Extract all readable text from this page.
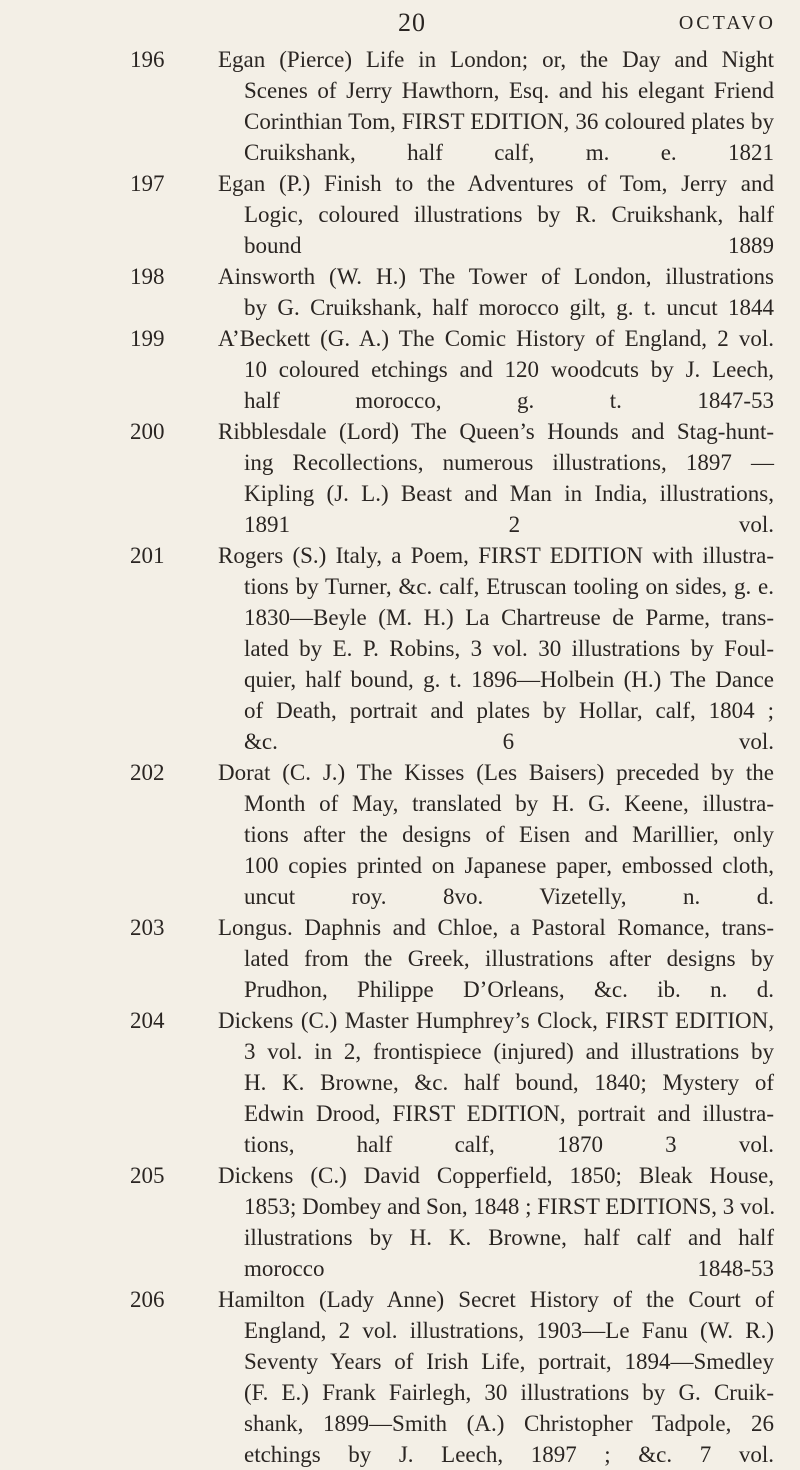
20	OCTAVO
196 Egan (Pierce) Life in London; or, the Day and Night
Scenes of Jerry Hawthorn, Esq. and his elegant Friend
Corinthian Tom, FIRST EDITION, 36 coloured plates by
Cruikshank, half calf, m. e. 1821
197 Egan (P.) Finish to the Adventures of Tom, Jerry and
Logic, coloured illustrations by R. Cruikshank, half
bound 1889
198 Ainsworth (W. H.) The Tower of London, illustrations
by G. Cruikshank, half morocco gilt, g. t. uncut 1844
199 A’Beckett (G. A.) The Comic History of England, 2 vol.
10 coloured etchings and 120 woodcuts by J. Leech,
half morocco, g. t. 1847-53
200 Ribblesdale (Lord) The Queen’s Hounds and Stag-hunt-
ing Recollections, numerous illustrations, 1897 —
Kipling (J. L.) Beast and Man in India, illustrations,
1891 2 vol.
201 Rogers (S.) Italy, a Poem, FIRST EDITION with illustra-
tions by Turner, &c. calf, Etruscan tooling on sides, g. e.
1830—Beyle (M. H.) La Chartreuse de Parme, trans-
lated by E. P. Robins, 3 vol. 30 illustrations by Foul-
quier, half bound, g. t. 1896—Holbein (H.) The Dance
of Death, portrait and plates by Hollar, calf, 1804 ;
&c. 6 vol.
202 Dorat (C. J.) The Kisses (Les Baisers) preceded by the
Month of May, translated by H. G. Keene, illustra-
tions after the designs of Eisen and Marillier, only
100 copies printed on Japanese paper, embossed cloth,
uncut roy. 8vo. Vizetelly, n. d.
203 Longus. Daphnis and Chloe, a Pastoral Romance, trans-
lated from the Greek, illustrations after designs by
Prudhon, Philippe D’Orleans, &c. ib. n. d.
204 Dickens (C.) Master Humphrey’s Clock, FIRST EDITION,
3 vol. in 2, frontispiece (injured) and illustrations by
H. K. Browne, &c. half bound, 1840; Mystery of
Edwin Drood, FIRST EDITION, portrait and illustra-
tions, half calf, 1870 3 vol.
205 Dickens (C.) David Copperfield, 1850; Bleak House,
1853; Dombey and Son, 1848 ; FIRST EDITIONS, 3 vol.
illustrations by H. K. Browne, half calf and half
morocco 1848-53
206 Hamilton (Lady Anne) Secret History of the Court of
England, 2 vol. illustrations, 1903—Le Fanu (W. R.)
Seventy Years of Irish Life, portrait, 1894—Smedley
(F. E.) Frank Fairlegh, 30 illustrations by G. Cruik-
shank, 1899—Smith (A.) Christopher Tadpole, 26
etchings by J. Leech, 1897 ; &c. 7 vol.
